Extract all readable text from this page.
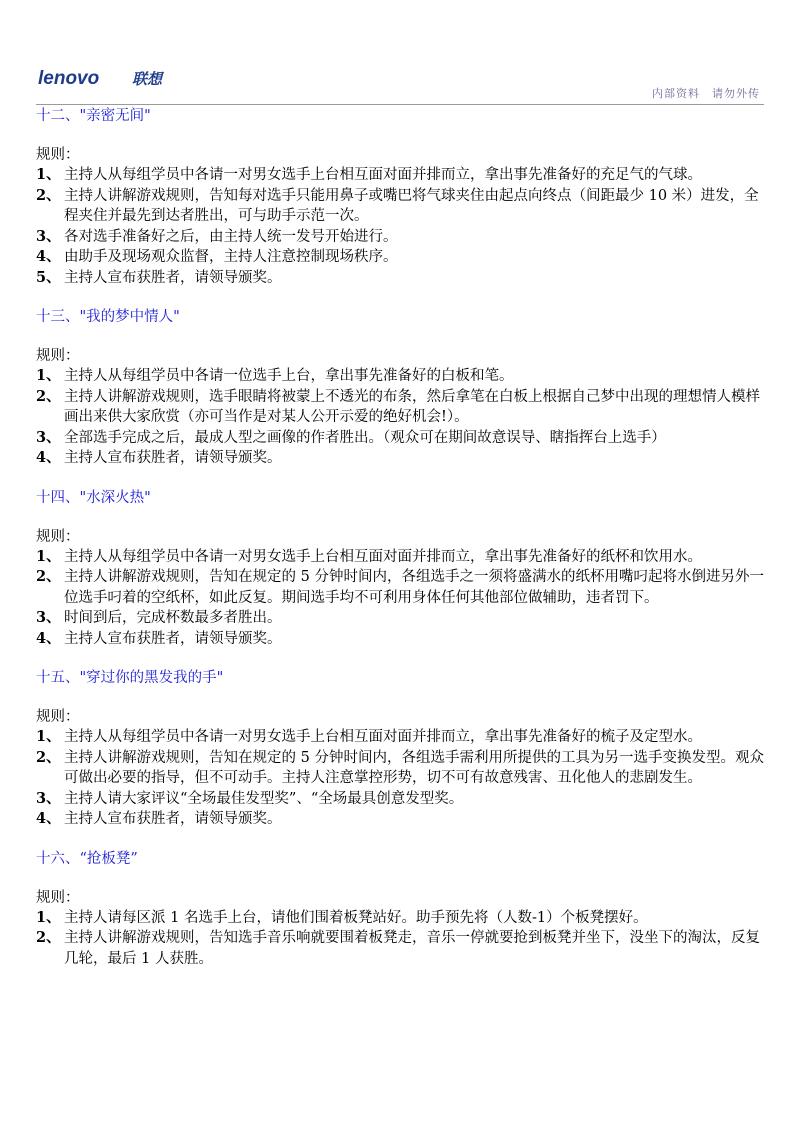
lenovo 联想
内部资料　请勿外传
十二、"亲密无间"
规则：
1、 主持人从每组学员中各请一对男女选手上台相互面对面并排而立，拿出事先准备好的充足气的气球。
2、 主持人讲解游戏规则，告知每对选手只能用鼻子或嘴巴将气球夹住由起点向终点（间距最少 10 米）进发，全程夹住并最先到达者胜出，可与助手示范一次。
3、 各对选手准备好之后，由主持人统一发号开始进行。
4、 由助手及现场观众监督，主持人注意控制现场秩序。
5、 主持人宣布获胜者，请领导颁奖。
十三、"我的梦中情人"
规则：
1、 主持人从每组学员中各请一位选手上台，拿出事先准备好的白板和笔。
2、 主持人讲解游戏规则，选手眼睛将被蒙上不透光的布条，然后拿笔在白板上根据自己梦中出现的理想情人模样画出来供大家欣赏（亦可当作是对某人公开示爱的绝好机会!）。
3、 全部选手完成之后，最成人型之画像的作者胜出。（观众可在期间故意误导、瞎指挥台上选手）
4、 主持人宣布获胜者，请领导颁奖。
十四、"水深火热"
规则：
1、 主持人从每组学员中各请一对男女选手上台相互面对面并排而立，拿出事先准备好的纸杯和饮用水。
2、 主持人讲解游戏规则，告知在规定的 5 分钟时间内，各组选手之一须将盛满水的纸杯用嘴叼起将水倒进另外一位选手叼着的空纸杯，如此反复。期间选手均不可利用身体任何其他部位做辅助，违者罚下。
3、 时间到后，完成杯数最多者胜出。
4、 主持人宣布获胜者，请领导颁奖。
十五、"穿过你的黑发我的手"
规则：
1、 主持人从每组学员中各请一对男女选手上台相互面对面并排而立，拿出事先准备好的梳子及定型水。
2、 主持人讲解游戏规则，告知在规定的 5 分钟时间内，各组选手需利用所提供的工具为另一选手变换发型。观众可做出必要的指导，但不可动手。主持人注意掌控形势，切不可有故意残害、丑化他人的悲剧发生。
3、 主持人请大家评议“全场最佳发型奖”、“全场最具创意发型奖。
4、 主持人宣布获胜者，请领导颁奖。
十六、“抢板凳”
规则：
1、 主持人请每区派 1 名选手上台，请他们围着板凳站好。助手预先将（人数-1）个板凳摆好。
2、 主持人讲解游戏规则，告知选手音乐响就要围着板凳走，音乐一停就要抢到板凳并坐下，没坐下的淘汰，反复几轮，最后 1 人获胜。
